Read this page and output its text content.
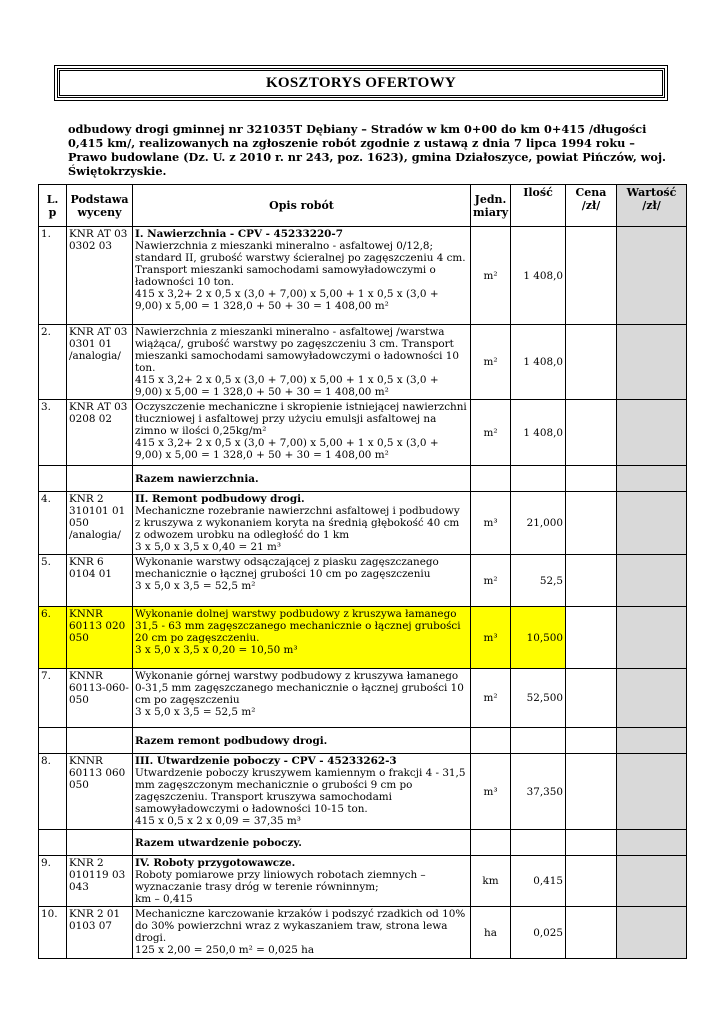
KOSZTORYS OFERTOWY
odbudowy drogi gminnej nr 321035T Dębiany – Stradów w km 0+00 do km 0+415 /długości 0,415 km/, realizowanych na zgłoszenie robót zgodnie z ustawą z dnia 7 lipca 1994 roku – Prawo budowlane (Dz. U. z 2010 r. nr 243, poz. 1623), gmina Działoszyce, powiat Pińczów, woj. Świętokrzyskie.
L. p	Podstawa wyceny	Opis robót	Jedn. miary	Ilość	Cena /zł/	Wartość /zł/
1.	KNR AT 03 0302 03	I. Nawierzchnia - CPV - 45233220-7
Nawierzchnia z mieszanki mineralno - asfaltowej 0/12,8; standard II, grubość warstwy ścieralnej po zagęszczeniu 4 cm. Transport mieszanki samochodami samowyładowczymi o ładowności 10 ton.
415 x 3,2+ 2 x 0,5 x (3,0 + 7,00) x 5,00 + 1 x 0,5 x (3,0 + 9,00) x 5,00 = 1 328,0 + 50 + 30 = 1 408,00 m²	m²	1 408,0		
2.	KNR AT 03 0301 01 /analogia/	Nawierzchnia z mieszanki mineralno - asfaltowej /warstwa wiążąca/, grubość warstwy po zagęszczeniu 3 cm. Transport mieszanki samochodami samowyładowczymi o ładowności 10 ton.
415 x 3,2+ 2 x 0,5 x (3,0 + 7,00) x 5,00 + 1 x 0,5 x (3,0 + 9,00) x 5,00 = 1 328,0 + 50 + 30 = 1 408,00 m²	m²	1 408,0		
3.	KNR AT 03 0208 02	Oczyszczenie mechaniczne i skropienie istniejącej nawierzchni tłuczniowej i asfaltowej przy użyciu emulsji asfaltowej na zimno w ilości 0,25kg/m²
415 x 3,2+ 2 x 0,5 x (3,0 + 7,00) x 5,00 + 1 x 0,5 x (3,0 + 9,00) x 5,00 = 1 328,0 + 50 + 30 = 1 408,00 m²	m²	1 408,0		
		Razem nawierzchnia.				
4.	KNR 2 310101 01 050 /analogia/	II. Remont podbudowy drogi.
Mechaniczne rozebranie nawierzchni asfaltowej i podbudowy z kruszywa z wykonaniem koryta na średnią głębokość 40 cm z odwozem urobku na odległość do 1 km
3 x 5,0 x 3,5 x 0,40 = 21 m³	m³	21,000		
5.	KNR 6 0104 01	Wykonanie warstwy odsączającej z piasku zagęszczanego mechanicznie o łącznej grubości 10 cm po zagęszczeniu
3 x 5,0 x 3,5 = 52,5 m²	m²	52,5		
6.	KNNR 60113 020 050	Wykonanie dolnej warstwy podbudowy z kruszywa łamanego 31,5 - 63 mm zagęszczanego mechanicznie o łącznej grubości 20 cm po zagęszczeniu.
3 x 5,0 x 3,5 x 0,20 = 10,50 m³	m³	10,500		
7.	KNNR 60113-060-050	Wykonanie górnej warstwy podbudowy z kruszywa łamanego 0-31,5 mm zagęszczanego mechanicznie o łącznej grubości 10 cm po zagęszczeniu
3 x 5,0 x 3,5 = 52,5 m²	m²	52,500		
		Razem remont podbudowy drogi.				
8.	KNNR 60113 060 050	III. Utwardzenie poboczy - CPV - 45233262-3
Utwardzenie poboczy kruszywem kamiennym o frakcji 4 - 31,5 mm zagęszczonym mechanicznie o grubości 9 cm po zagęszczeniu. Transport kruszywa samochodami samowyładowczymi o ładowności 10-15 ton.
415 x 0,5 x 2 x 0,09 = 37,35 m³	m³	37,350		
		Razem utwardzenie poboczy.				
9.	KNR 2 010119 03 043	IV. Roboty przygotowawcze.
Roboty pomiarowe przy liniowych robotach ziemnych – wyznaczanie trasy dróg w terenie równinnym;
km – 0,415	km	0,415		
10.	KNR 2 01 0103 07	Mechaniczne karczowanie krzaków i podszyć rzadkich od 10% do 30% powierzchni wraz z wykaszaniem traw, strona lewa drogi.
125 x 2,00 = 250,0 m² = 0,025 ha	ha	0,025		
